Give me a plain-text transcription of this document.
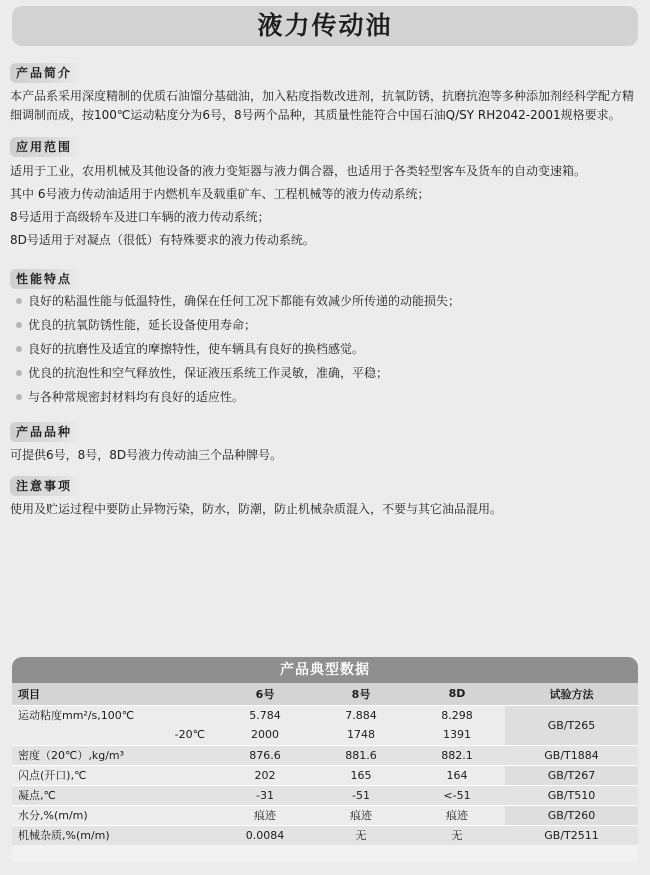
液力传动油
产品简介

本产品系采用深度精制的优质石油馏分基础油，加入粘度指数改进剂，抗氧防锈，抗磨抗泡等多种添加剂经科学配方精细调制而成，按100℃运动粘度分为6号，8号两个品种，其质量性能符合中国石油Q/SY RH2042-2001规格要求。

应用范围

适用于工业，农用机械及其他设备的液力变矩器与液力偶合器，也适用于各类轻型客车及货车的自动变速箱。

其中 6号液力传动油适用于内燃机车及载重矿车、工程机械等的液力传动系统；

8号适用于高级轿车及进口车辆的液力传动系统；

8D号适用于对凝点（很低）有特殊要求的液力传动系统。

性能特点
良好的粘温性能与低温特性，确保在任何工况下都能有效减少所传递的动能损失；
优良的抗氧防锈性能，延长设备使用寿命；
良好的抗磨性及适宜的摩擦特性，使车辆具有良好的换档感觉。
优良的抗泡性和空气释放性，保证液压系统工作灵敏，准确，平稳；
与各种常规密封材料均有良好的适应性。
产品品种

可提供6号，8号，8D号液力传动油三个品种牌号。

注意事项

使用及贮运过程中要防止异物污染，防水，防潮，防止机械杂质混入，不要与其它油品混用。

产品典型数据
项目	6号	8号	8D	试验方法
运动粘度mm²/s,100℃	5.784	7.884	8.298	GB/T265
-20℃	2000	1748	1391	
密度（20℃）,kg/m³	876.6	881.6	882.1	GB/T1884
闪点(开口),℃	202	165	164	GB/T267
凝点,℃	-31	-51	<-51	GB/T510
水分,%(m/m)	痕迹	痕迹	痕迹	GB/T260
机械杂质,%(m/m)	0.0084	无	无	GB/T2511
